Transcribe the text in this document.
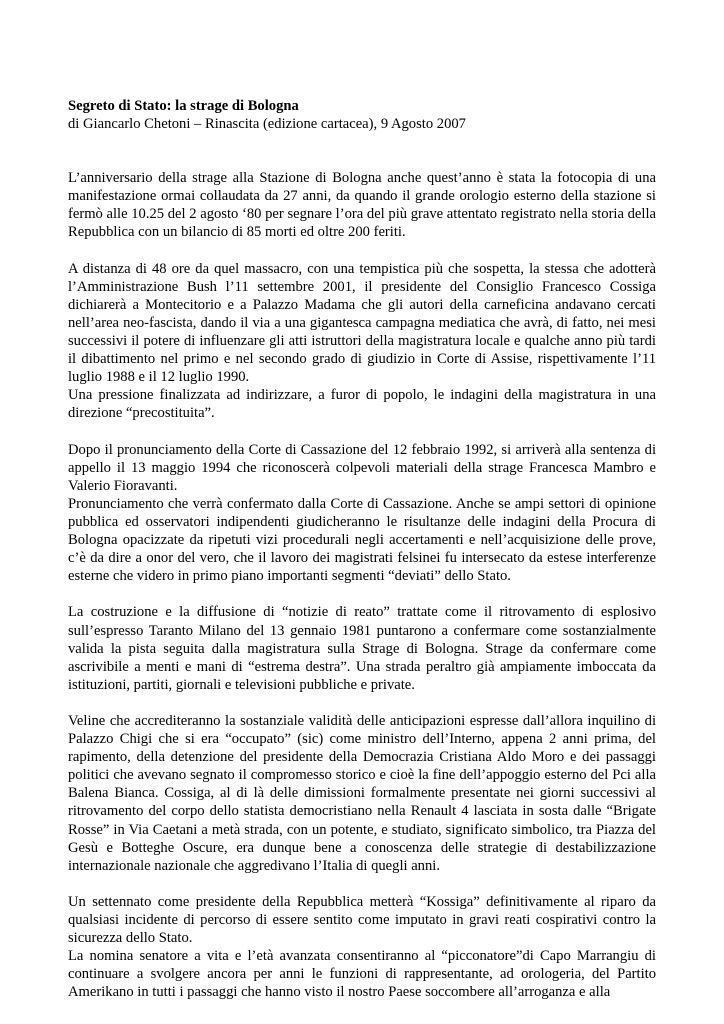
Segreto di Stato: la strage di Bologna

di Giancarlo Chetoni – Rinascita (edizione cartacea), 9 Agosto 2007

L’anniversario della strage alla Stazione di Bologna anche quest’anno è stata la fotocopia di una manifestazione ormai collaudata da 27 anni, da quando il grande orologio esterno della stazione si fermò alle 10.25 del 2 agosto ‘80 per segnare l’ora del più grave attentato registrato nella storia della Repubblica con un bilancio di 85 morti ed oltre 200 feriti.

A distanza di 48 ore da quel massacro, con una tempistica più che sospetta, la stessa che adotterà l’Amministrazione Bush l’11 settembre 2001, il presidente del Consiglio Francesco Cossiga dichiarerà a Montecitorio e a Palazzo Madama che gli autori della carneficina andavano cercati nell’area neo-fascista, dando il via a una gigantesca campagna mediatica che avrà, di fatto, nei mesi successivi il potere di influenzare gli atti istruttori della magistratura locale e qualche anno più tardi il dibattimento nel primo e nel secondo grado di giudizio in Corte di Assise, rispettivamente l’11 luglio 1988 e il 12 luglio 1990.

Una pressione finalizzata ad indirizzare, a furor di popolo, le indagini della magistratura in una direzione “precostituita”.

Dopo il pronunciamento della Corte di Cassazione del 12 febbraio 1992, si arriverà alla sentenza di appello il 13 maggio 1994 che riconoscerà colpevoli materiali della strage Francesca Mambro e Valerio Fioravanti.

Pronunciamento che verrà confermato dalla Corte di Cassazione. Anche se ampi settori di opinione pubblica ed osservatori indipendenti giudicheranno le risultanze delle indagini della Procura di Bologna opacizzate da ripetuti vizi procedurali negli accertamenti e nell’acquisizione delle prove, c’è da dire a onor del vero, che il lavoro dei magistrati felsinei fu intersecato da estese interferenze esterne che videro in primo piano importanti segmenti “deviati” dello Stato.

La costruzione e la diffusione di “notizie di reato” trattate come il ritrovamento di esplosivo sull’espresso Taranto Milano del 13 gennaio 1981 puntarono a confermare come sostanzialmente valida la pista seguita dalla magistratura sulla Strage di Bologna. Strage da confermare come ascrivibile a menti e mani di “estrema destra”. Una strada peraltro già ampiamente imboccata da istituzioni, partiti, giornali e televisioni pubbliche e private.

Veline che accrediteranno la sostanziale validità delle anticipazioni espresse dall’allora inquilino di Palazzo Chigi che si era “occupato” (sic) come ministro dell’Interno, appena 2 anni prima, del rapimento, della detenzione del presidente della Democrazia Cristiana Aldo Moro e dei passaggi politici che avevano segnato il compromesso storico e cioè la fine dell’appoggio esterno del Pci alla Balena Bianca. Cossiga, al di là delle dimissioni formalmente presentate nei giorni successivi al ritrovamento del corpo dello statista democristiano nella Renault 4 lasciata in sosta dalle “Brigate Rosse” in Via Caetani a metà strada, con un potente, e studiato, significato simbolico, tra Piazza del Gesù e Botteghe Oscure, era dunque bene a conoscenza delle strategie di destabilizzazione internazionale nazionale che aggredivano l’Italia di quegli anni.

Un settennato come presidente della Repubblica metterà “Kossiga” definitivamente al riparo da qualsiasi incidente di percorso di essere sentito come imputato in gravi reati cospirativi contro la sicurezza dello Stato.

La nomina senatore a vita e l’età avanzata consentiranno al “picconatore”di Capo Marrangiu di continuare a svolgere ancora per anni le funzioni di rappresentante, ad orologeria, del Partito Amerikano in tutti i passaggi che hanno visto il nostro Paese soccombere all’arroganza e alla
